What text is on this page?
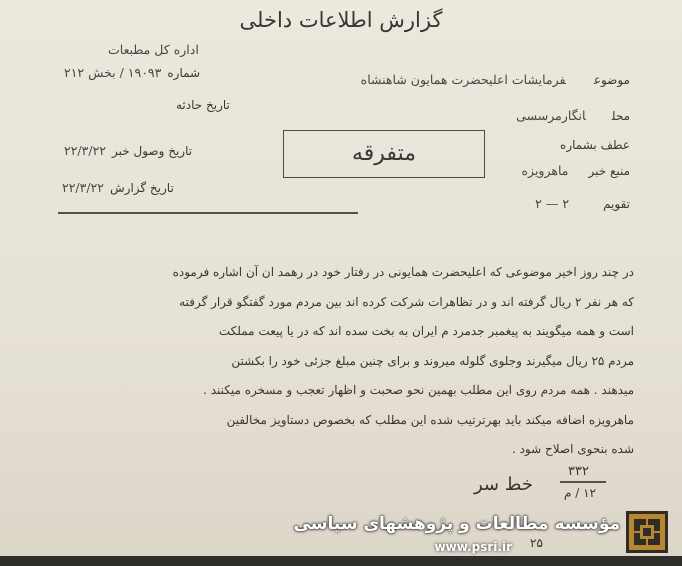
گزارش اطلاعات داخلی
اداره کل مطبعات
شماره۱۹۰۹۳ / بخش ۲۱۲
تاریخ حادثه
تاریخ وصول خبر۲۲/۳/۲۲
تاریخ گزارش۲۲/۳/۲۲
موضوعفرمایشات اعلیحضرت همایون شاهنشاه
محلانگارمرسسی
عطف بشماره
منبع خبرماهرویزه
تقویم۲ — ۲
متفرقه

در چند روز اخیر موضوعی که اعلیحضرت همایونی در رفتار خود در رهمد ان آن اشاره فرموده

که هر نفر ۲ ریال گرفته اند و در تظاهرات شرکت کرده اند بین مردم مورد گفتگو قرار گرفته

است و همه میگویند به پیغمبر جدمرد م ایران به بخت سده اند که در یا پیعت مملکت

مردم ۲۵ ریال میگیرند وجلوی گلوله میروند و برای چنین مبلغ جزئی خود را بکشتن

میدهند . همه مردم روی این مطلب بهمین نحو صحبت و اظهار تعجب و مسخره میکنند .

ماهرویزه اضافه میکند باید بهرترتیب شده این مطلب که بخصوص دستاویز مخالفین

شده بنحوی اصلاح شود .

خط سر
۳۳۲
۱۲ / م
۲۵
مؤسسه مطالعات و پژوهشهای سیاسی
www.psri.ir
